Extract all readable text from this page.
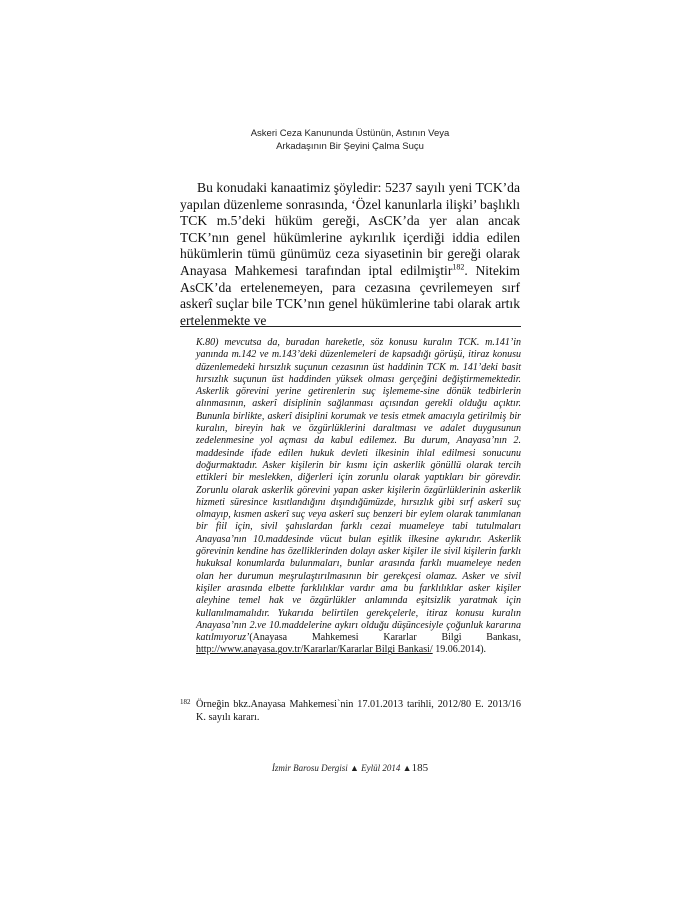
Askeri Ceza Kanununda Üstünün, Astının Veya
Arkadaşının Bir Şeyini Çalma Suçu

Bu konudaki kanaatimiz şöyledir: 5237 sayılı yeni TCK’da yapılan düzenleme sonrasında, ‘Özel kanunlarla ilişki’ başlıklı TCK m.5’deki hüküm gereği, AsCK’da yer alan ancak TCK’nın genel hükümlerine aykırılık içerdiği iddia edilen hükümlerin tümü günümüz ceza siyasetinin bir gereği olarak Anayasa Mahkemesi tarafından iptal edilmiştir$^{182}$. Nitekim AsCK’da ertelenemeyen, para cezasına çevrilemeyen sırf askerî suçlar bile TCK’nın genel hükümlerine tabi olarak artık ertelenmekte ve

K.80) mevcutsa da, buradan hareketle, söz konusu kuralın TCK. m.141’in yanında m.142 ve m.143’deki düzenlemeleri de kapsadığı görüşü, itiraz konusu düzenlemedeki hırsızlık suçunun cezasının üst haddinin TCK m. 141’deki basit hırsızlık suçunun üst haddinden yüksek olması gerçeğini değiştirmemektedir. Askerlik görevini yerine getirenlerin suç işlememe-sine dönük tedbirlerin alınmasının, askerî disiplinin sağlanması açısından gerekli olduğu açıktır. Bununla birlikte, askerî disiplini korumak ve tesis etmek amacıyla getirilmiş bir kuralın, bireyin hak ve özgürlüklerini daraltması ve adalet duygusunun zedelenmesine yol açması da kabul edilemez. Bu durum, Anayasa’nın 2. maddesinde ifade edilen hukuk devleti ilkesinin ihlal edilmesi sonucunu doğurmaktadır. Asker kişilerin bir kısmı için askerlik gönüllü olarak tercih ettikleri bir meslekken, diğerleri için zorunlu olarak yaptıkları bir görevdir. Zorunlu olarak askerlik görevini yapan asker kişilerin özgürlüklerinin askerlik hizmeti süresince kısıtlandığını dışındığümüzde, hırsızlık gibi sırf askerî suç olmayıp, kısmen askerî suç veya askerî suç benzeri bir eylem olarak tanımlanan bir fiil için, sivil şahıslardan farklı cezai muameleye tabi tutulmaları Anayasa’nın 10.maddesinde vücut bulan eşitlik ilkesine aykırıdır. Askerlik görevinin kendine has özelliklerinden dolayı asker kişiler ile sivil kişilerin farklı hukuksal konumlarda bulunmaları, bunlar arasında farklı muameleye neden olan her durumun meşrulaştırılmasının bir gerekçesi olamaz. Asker ve sivil kişiler arasında elbette farklılıklar vardır ama bu farklılıklar asker kişiler aleyhine temel hak ve özgürlükler anlamında eşitsizlik yaratmak için kullanılmamalıdır. Yukarıda belirtilen gerekçelerle, itiraz konusu kuralın Anayasa’nın 2.ve 10.maddelerine aykırı olduğu düşüncesiyle çoğunluk kararına katılmıyoruz’(Anayasa Mahkemesi Kararlar Bilgi Bankası, http://www.anayasa.gov.tr/Kararlar/Kararlar Bilgi Bankasi/ 19.06.2014).
182 Örneğin bkz.Anayasa Mahkemesi`nin 17.01.2013 tarihli, 2012/80 E. 2013/16 K. sayılı kararı.
İzmir Barosu Dergisi ▲ Eylül 2014 ▲185
